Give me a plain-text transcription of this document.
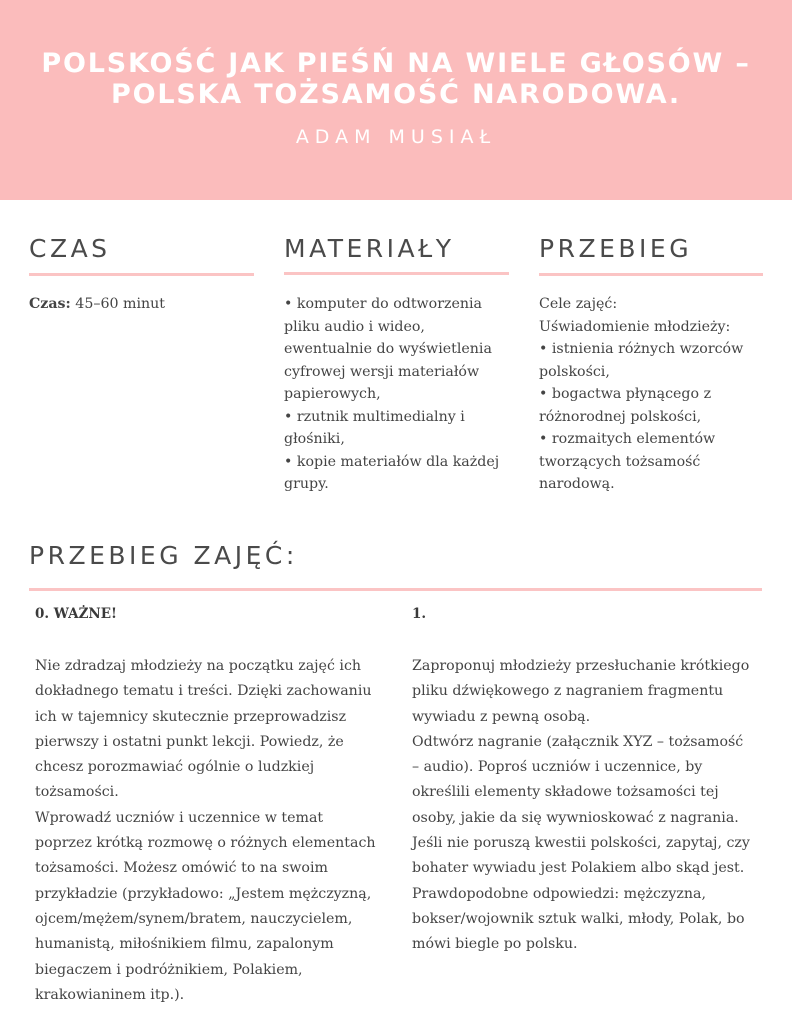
POLSKOŚĆ JAK PIEŚŃ NA WIELE GŁOSÓW –
POLSKA TOŻSAMOŚĆ NARODOWA.
ADAM MUSIAŁ
CZAS
Czas: 45–60 minut
MATERIAŁY
• komputer do odtworzenia
pliku audio i wideo,
ewentualnie do wyświetlenia
cyfrowej wersji materiałów
papierowych,
• rzutnik multimedialny i
głośniki,
• kopie materiałów dla każdej
grupy.
PRZEBIEG
Cele zajęć:
Uświadomienie młodzieży:
• istnienia różnych wzorców
polskości,
• bogactwa płynącego z
różnorodnej polskości,
• rozmaitych elementów
tworzących tożsamość
narodową.
PRZEBIEG ZAJĘĆ:
0. WAŻNE!
Nie zdradzaj młodzieży na początku zajęć ich
dokładnego tematu i treści. Dzięki zachowaniu
ich w tajemnicy skutecznie przeprowadzisz
pierwszy i ostatni punkt lekcji. Powiedz, że
chcesz porozmawiać ogólnie o ludzkiej
tożsamości.
Wprowadź uczniów i uczennice w temat
poprzez krótką rozmowę o różnych elementach
tożsamości. Możesz omówić to na swoim
przykładzie (przykładowo: „Jestem mężczyzną,
ojcem/mężem/synem/bratem, nauczycielem,
humanistą, miłośnikiem filmu, zapalonym
biegaczem i podróżnikiem, Polakiem,
krakowianinem itp.).
1.
Zaproponuj młodzieży przesłuchanie krótkiego
pliku dźwiękowego z nagraniem fragmentu
wywiadu z pewną osobą.
Odtwórz nagranie (załącznik XYZ – tożsamość
– audio). Poproś uczniów i uczennice, by
określili elementy składowe tożsamości tej
osoby, jakie da się wywnioskować z nagrania.
Jeśli nie poruszą kwestii polskości, zapytaj, czy
bohater wywiadu jest Polakiem albo skąd jest.
Prawdopodobne odpowiedzi: mężczyzna,
bokser/wojownik sztuk walki, młody, Polak, bo
mówi biegle po polsku.
